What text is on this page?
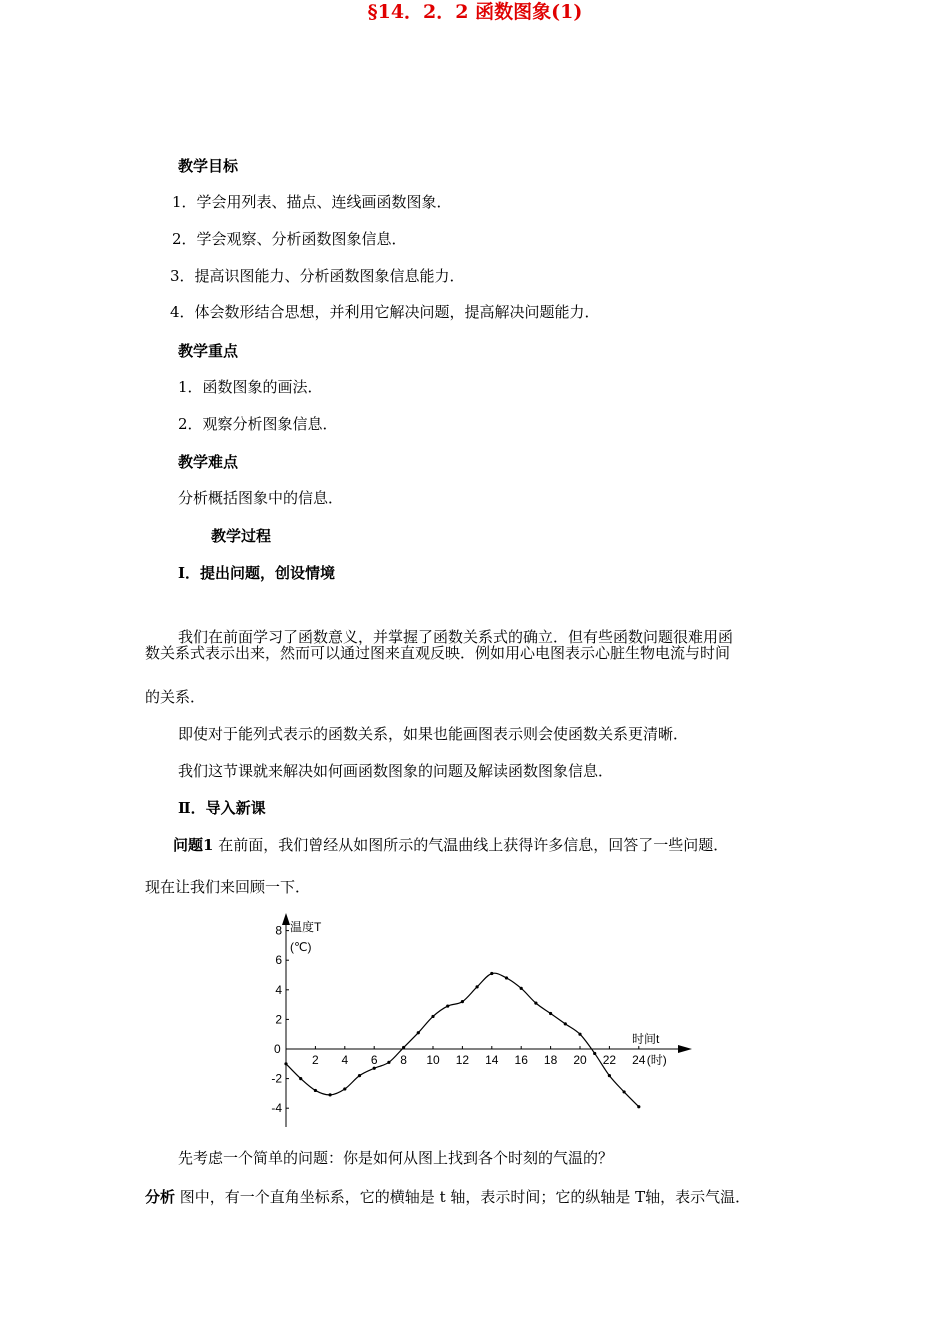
§14．2．2 函数图象(1)
教学目标
1．学会用列表、描点、连线画函数图象．
2．学会观察、分析函数图象信息．
3．提高识图能力、分析函数图象信息能力．
4．体会数形结合思想，并利用它解决问题，提高解决问题能力．
教学重点
1．函数图象的画法．
2．观察分析图象信息．
教学难点
分析概括图象中的信息．
教学过程
Ⅰ．提出问题，创设情境
我们在前面学习了函数意义，并掌握了函数关系式的确立．但有些函数问题很难用函
数关系式表示出来，然而可以通过图来直观反映．例如用心电图表示心脏生物电流与时间
的关系．
即使对于能列式表示的函数关系，如果也能画图表示则会使函数关系更清晰．
我们这节课就来解决如何画函数图象的问题及解读函数图象信息．
Ⅱ．导入新课
问题1 在前面，我们曾经从如图所示的气温曲线上获得许多信息，回答了一些问题．
现在让我们来回顾一下．
温度T
(℃)
时间t
0
2 4 6 8 10 12 14 16 18 20 22 24 (时)
8
6
4
2
-2
-4
先考虑一个简单的问题：你是如何从图上找到各个时刻的气温的？
分析 图中，有一个直角坐标系，它的横轴是 t 轴，表示时间；它的纵轴是 T轴，表示气温．
